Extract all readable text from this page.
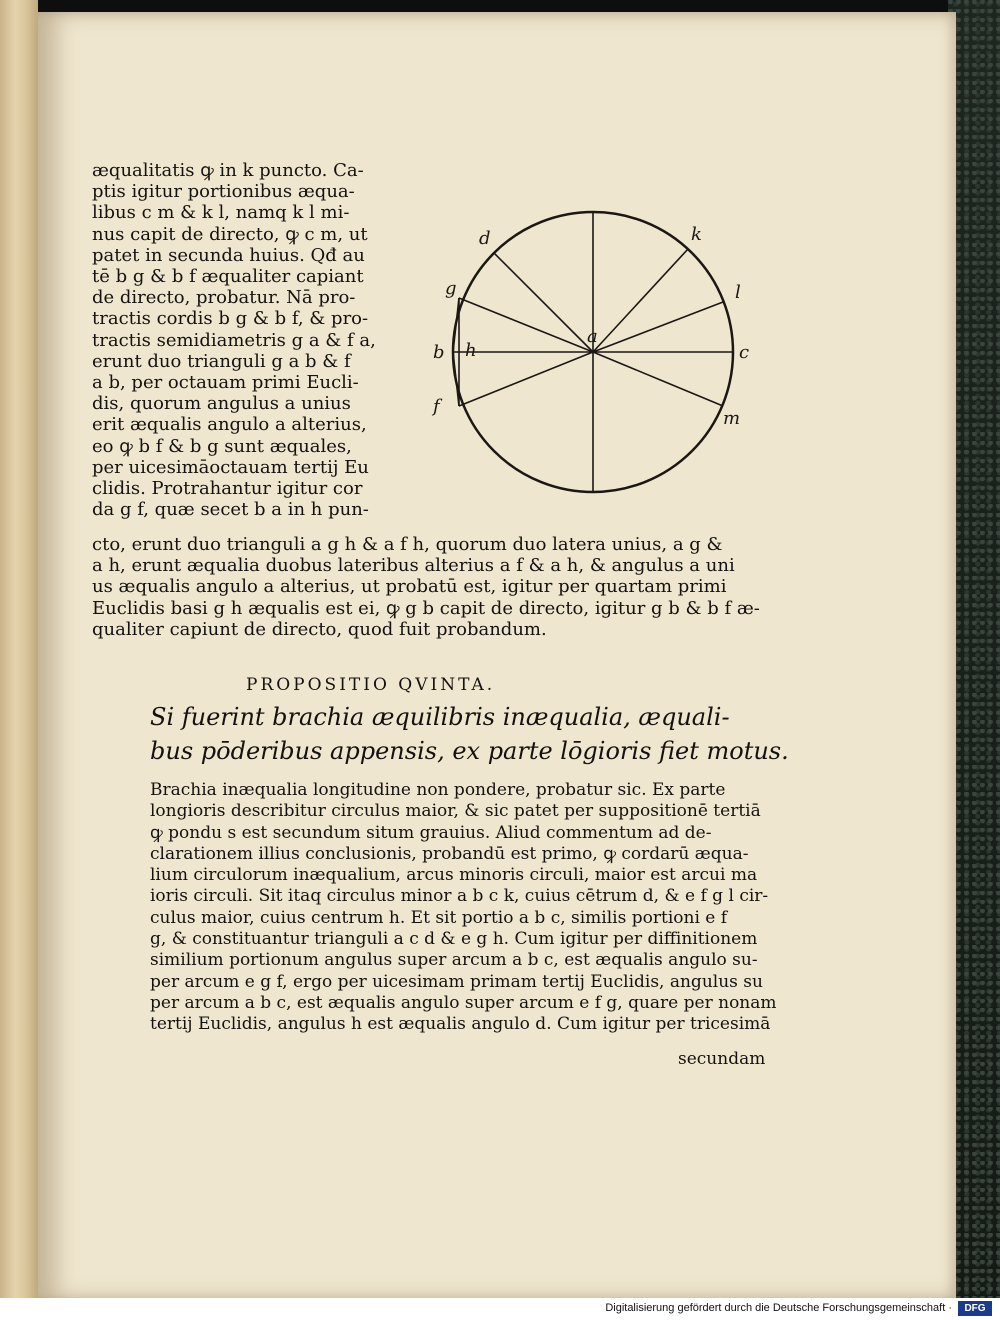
æqualitatis ꝙ in k puncto. Ca-
ptis igitur portionibus æqua-
libus c m & k l, namq k l mi-
nus capit de directo, ꝙ c m, ut
patet in secunda huius. Qđ au
tē b g & b f æqualiter capiant
de directo, probatur. Nā pro-
tractis cordis b g & b f, & pro-
tractis semidiametris g a & f a,
erunt duo trianguli g a b & f
a b, per octauam primi Eucli-
dis, quorum angulus a unius
erit æqualis angulo a alterius,
eo ꝙ b f & b g sunt æquales,
per uicesimāoctauam tertij Eu
clidis. Protrahantur igitur cor
da g f, quæ secet b a in h pun-
d	k
g	l
b h
a
c
f
m
cto, erunt duo trianguli a g h & a f h, quorum duo latera unius, a g &
a h, erunt æqualia duobus lateribus alterius a f & a h, & angulus a uni
us æqualis angulo a alterius, ut probatū est, igitur per quartam primi
Euclidis basi g h æqualis est ei, ꝙ g b capit de directo, igitur g b & b f æ-
qualiter capiunt de directo, quod fuit probandum.
PROPOSITIO QVINTA.
Si fuerint brachia æquilibris inæqualia, æquali-
bus pōderibus appensis, ex parte lōgioris fiet motus.
Brachia inæqualia longitudine non pondere, probatur sic. Ex parte
longioris describitur circulus maior, & sic patet per suppositionē tertiā
ꝙ pondu s est secundum situm grauius. Aliud commentum ad de-
clarationem illius conclusionis, probandū est primo, ꝙ cordarū æqua-
lium circulorum inæqualium, arcus minoris circuli, maior est arcui ma
ioris circuli. Sit itaq circulus minor a b c k, cuius cētrum d, & e f g l cir-
culus maior, cuius centrum h. Et sit portio a b c, similis portioni e f
g, & constituantur trianguli a c d & e g h. Cum igitur per diffinitionem
similium portionum angulus super arcum a b c, est æqualis angulo su-
per arcum e g f, ergo per uicesimam primam tertij Euclidis, angulus su
per arcum a b c, est æqualis angulo super arcum e f g, quare per nonam
tertij Euclidis, angulus h est æqualis angulo d. Cum igitur per tricesimā
secundam
Digitalisierung gefördert durch die Deutsche Forschungsgemeinschaft ·	DFG
